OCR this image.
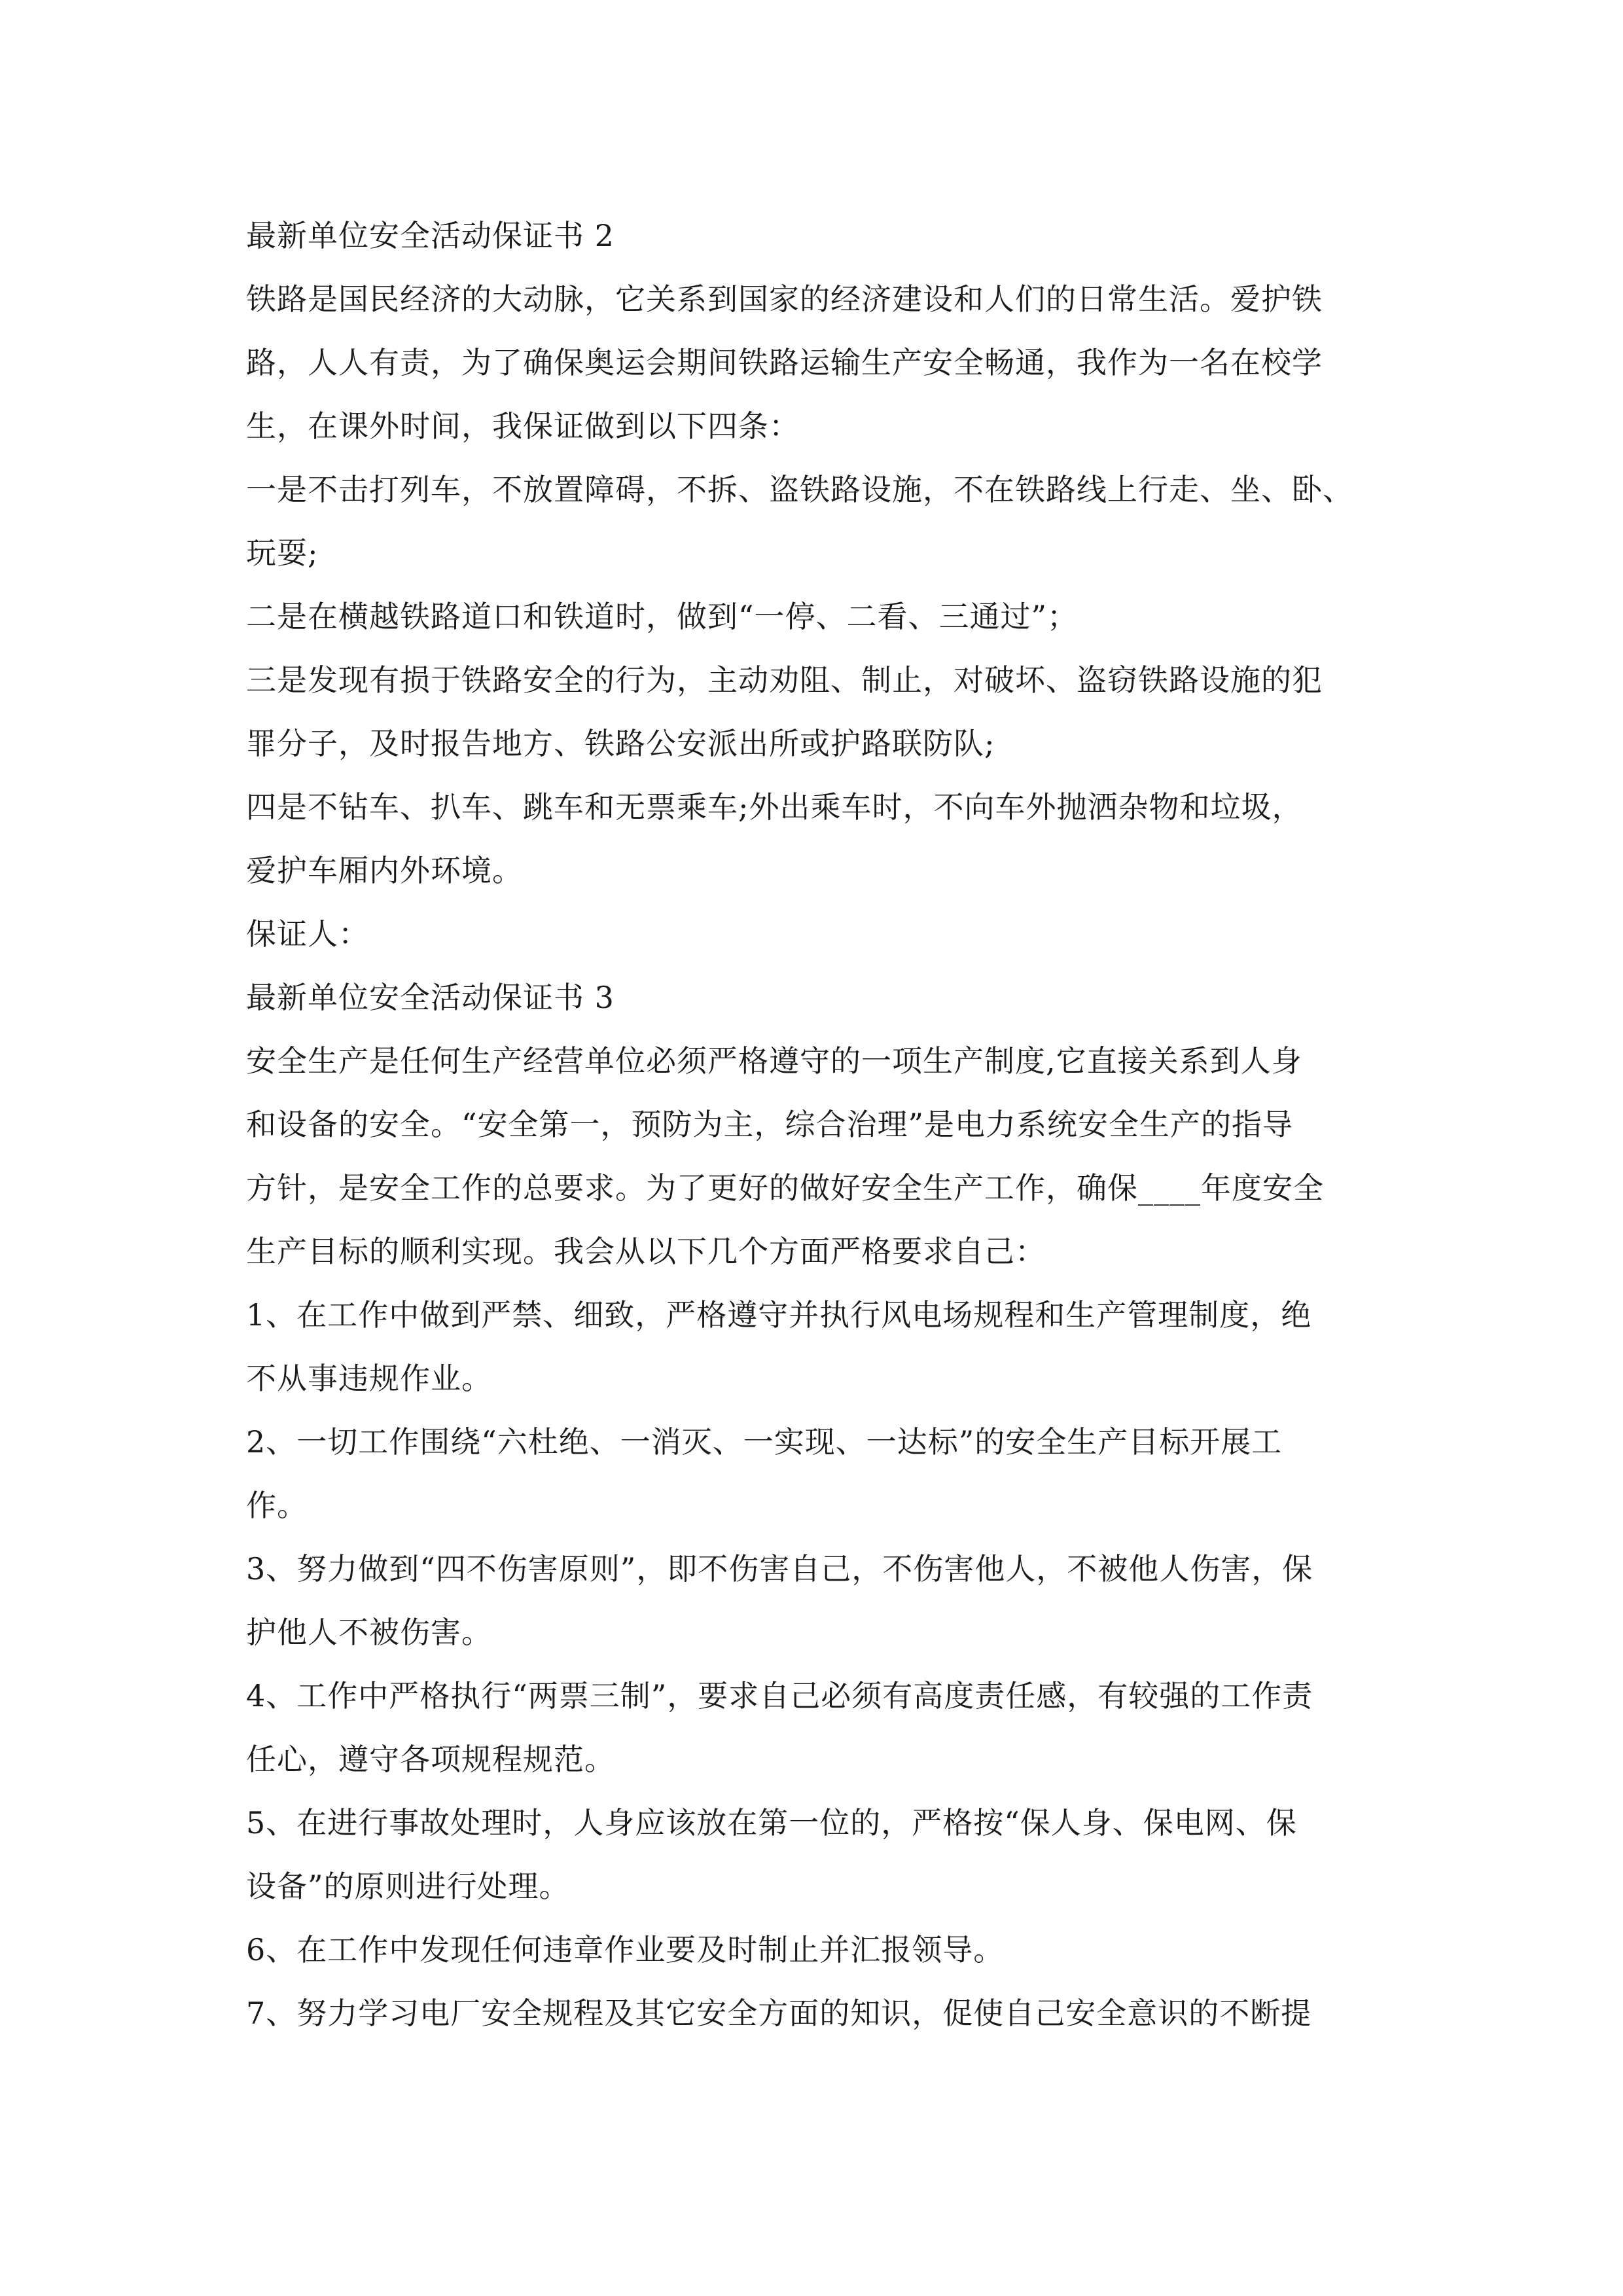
最新单位安全活动保证书 2
铁路是国民经济的大动脉，它关系到国家的经济建设和人们的日常生活。爱护铁
路，人人有责，为了确保奥运会期间铁路运输生产安全畅通，我作为一名在校学
生，在课外时间，我保证做到以下四条：
一是不击打列车，不放置障碍，不拆、盗铁路设施，不在铁路线上行走、坐、卧、
玩耍;
二是在横越铁路道口和铁道时，做到“一停、二看、三通过”；
三是发现有损于铁路安全的行为，主动劝阻、制止，对破坏、盗窃铁路设施的犯
罪分子，及时报告地方、铁路公安派出所或护路联防队;
四是不钻车、扒车、跳车和无票乘车;外出乘车时，不向车外抛洒杂物和垃圾，
爱护车厢内外环境。
保证人：
最新单位安全活动保证书 3
安全生产是任何生产经营单位必须严格遵守的一项生产制度,它直接关系到人身
和设备的安全。“安全第一，预防为主，综合治理”是电力系统安全生产的指导
方针，是安全工作的总要求。为了更好的做好安全生产工作，确保____年度安全
生产目标的顺利实现。我会从以下几个方面严格要求自己：
1、在工作中做到严禁、细致，严格遵守并执行风电场规程和生产管理制度，绝
不从事违规作业。
2、一切工作围绕“六杜绝、一消灭、一实现、一达标”的安全生产目标开展工
作。
3、努力做到“四不伤害原则”，即不伤害自己，不伤害他人，不被他人伤害，保
护他人不被伤害。
4、工作中严格执行“两票三制”，要求自己必须有高度责任感，有较强的工作责
任心，遵守各项规程规范。
5、在进行事故处理时，人身应该放在第一位的，严格按“保人身、保电网、保
设备”的原则进行处理。
6、在工作中发现任何违章作业要及时制止并汇报领导。
7、努力学习电厂安全规程及其它安全方面的知识，促使自己安全意识的不断提
